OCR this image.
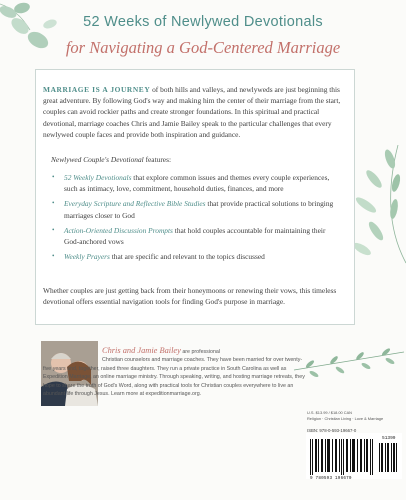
52 Weeks of Newlywed Devotionals
for Navigating a God-Centered Marriage
MARRIAGE IS A JOURNEY of both hills and valleys, and newlyweds are just beginning this great adventure. By following God's way and making him the center of their marriage from the start, couples can avoid rockier paths and create stronger foundations. In this spiritual and practical devotional, marriage coaches Chris and Jamie Bailey speak to the particular challenges that every newlywed couple faces and provide both inspiration and guidance.
Newlywed Couple's Devotional features:
• 52 Weekly Devotionals that explore common issues and themes every couple experiences, such as intimacy, love, commitment, household duties, finances, and more
• Everyday Scripture and Reflective Bible Studies that provide practical solutions to bringing marriages closer to God
• Action-Oriented Discussion Prompts that hold couples accountable for maintaining their God-anchored vows
• Weekly Prayers that are specific and relevant to the topics discussed
Whether couples are just getting back from their honeymoons or renewing their vows, this timeless devotional offers essential navigation tools for finding God's purpose in marriage.
Chris and Jamie Bailey are professional
Christian counselors and marriage coaches. They have been married for over twenty-five years and, together, raised three daughters. They run a private practice in South Carolina as well as Expedition Marriage, an online marriage ministry. Through speaking, writing, and hosting marriage retreats, they hope to share the truth of God's Word, along with practical tools for Christian couples everywhere to live an abundant life through Jesus. Learn more at expeditionmarriage.org.
U.S. $13.99 / $18.00 CAN
Religion · Christian Living · Love & Marriage
ISBN: 978-0-593-19667-0
51399
9 780593 196670
